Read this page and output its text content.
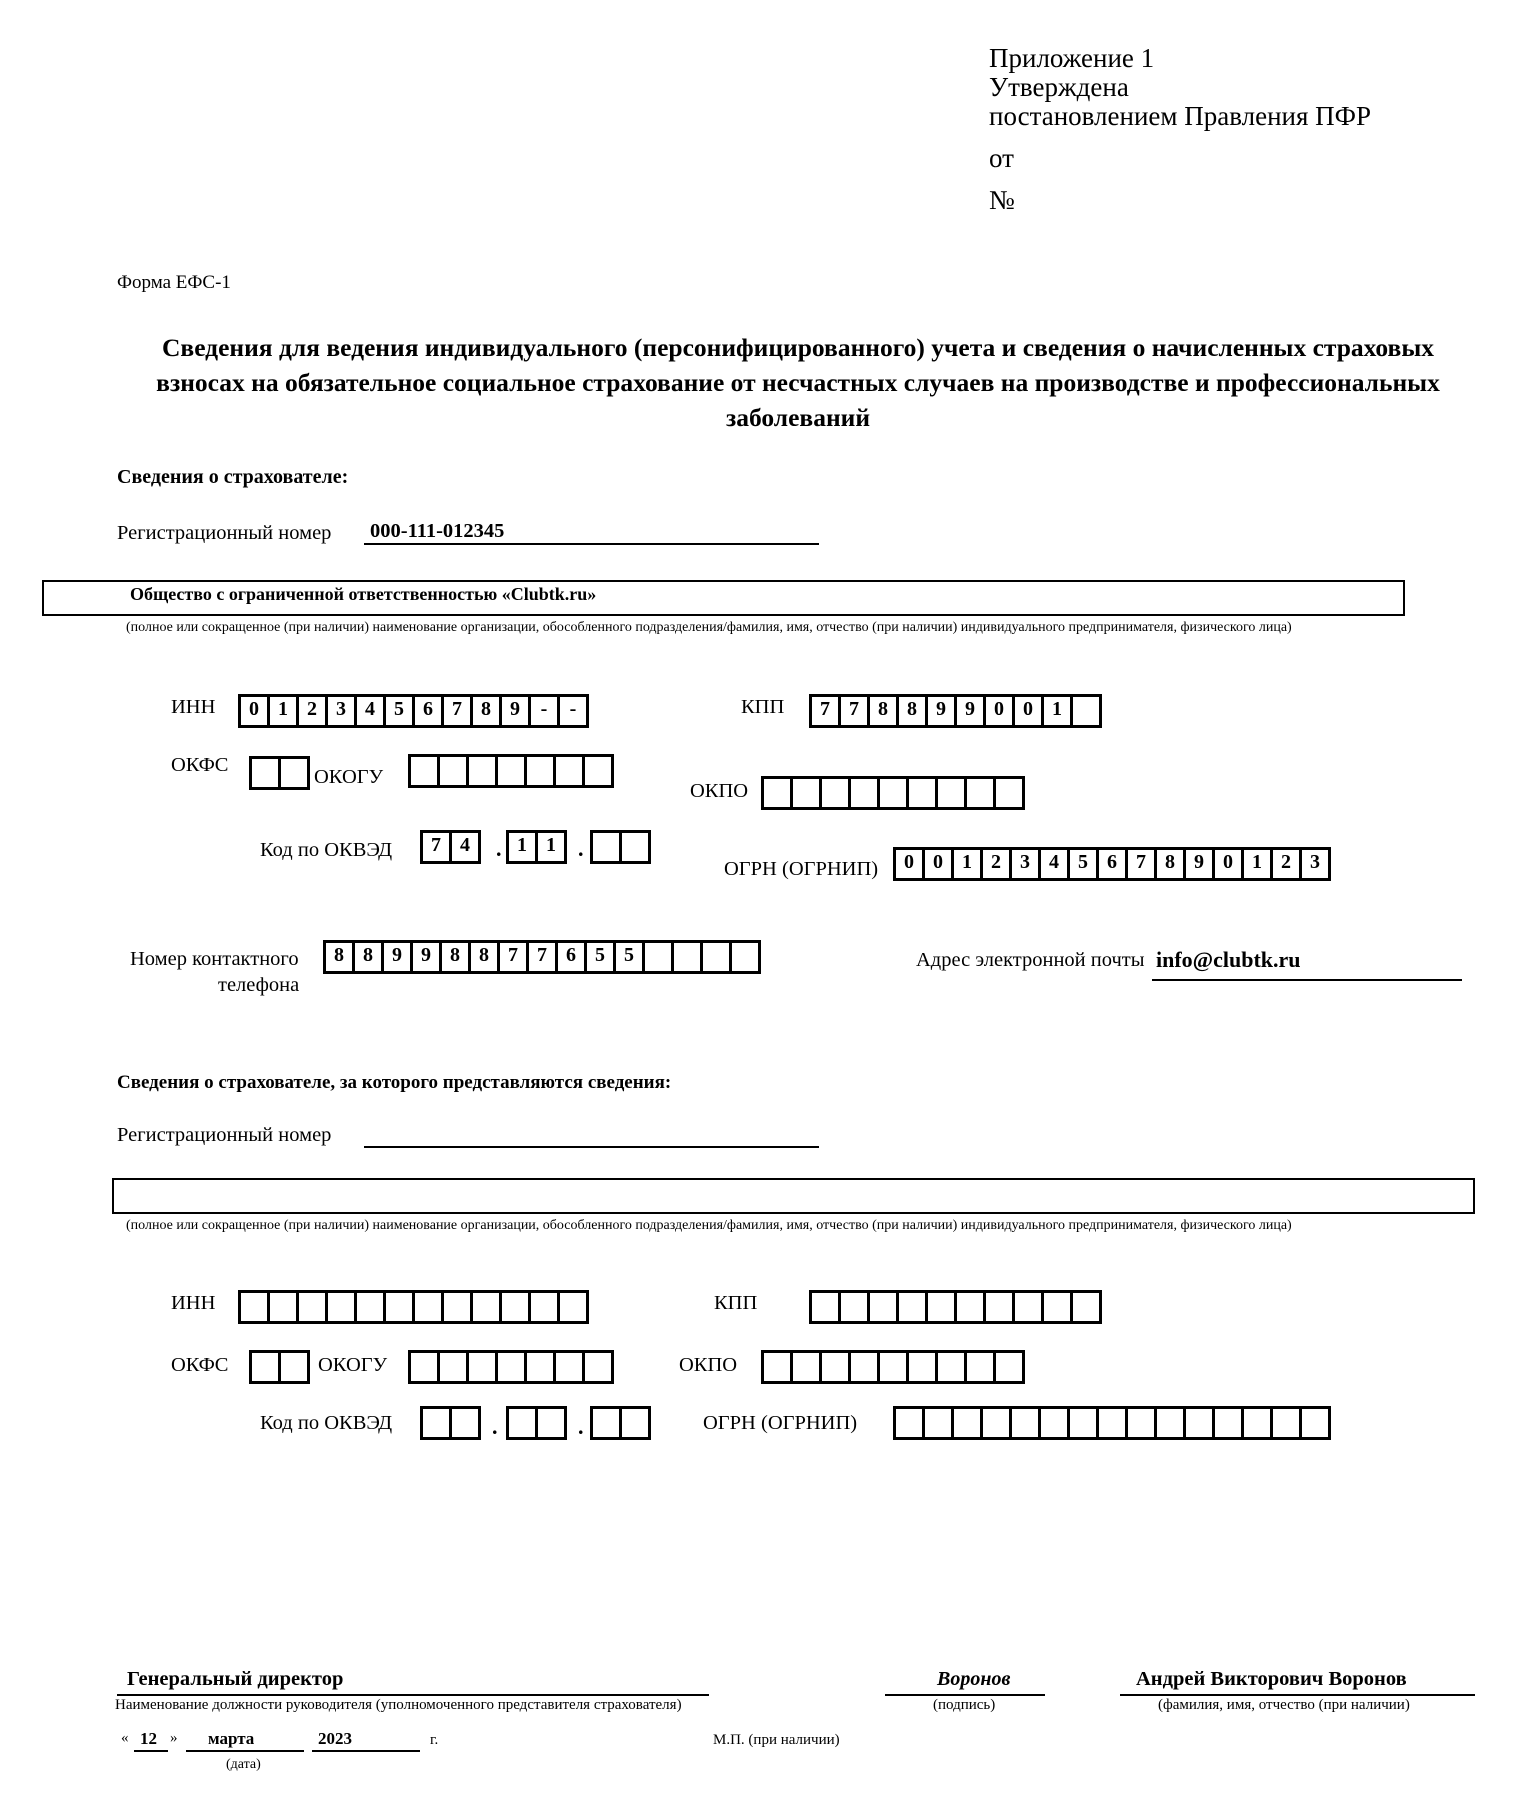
Приложение 1
Утверждена
постановлением Правления ПФР
от
№
Форма ЕФС-1
Сведения для ведения индивидуального (персонифицированного) учета и сведения о начисленных страховых взносах на обязательное социальное страхование от несчастных случаев на производстве и профессиональных заболеваний
Сведения о страхователе:
Регистрационный номер 000-111-012345
Общество с ограниченной ответственностью «Clubtk.ru»
(полное или сокращенное (при наличии) наименование организации, обособленного подразделения/фамилия, имя, отчество (при наличии) индивидуального предпринимателя, физического лица)
ИНН	0 1 2 3 4 5 6 7 8 9	-	-	КПП	7 7 8 8 9 9 0 0 1
ОКФС
ОКОГУ
ОКПО
Код по ОКВЭД	7 4	. 1 1	.
ОГРН (ОГРНИП)	0 0 1 2 3 4 5 6 7 8 9 0 1 2 3
Номер контактного
телефона
8 8 9 9 8 8 7 7 6 5 5	Адрес электронной почты info@clubtk.ru
Сведения о страхователе, за которого представляются сведения:
Регистрационный номер
(полное или сокращенное (при наличии) наименование организации, обособленного подразделения/фамилия, имя, отчество (при наличии) индивидуального предпринимателя, физического лица)
ИНН	КПП
ОКФС	ОКОГУ	ОКПО
Код по ОКВЭД	.	.	ОГРН (ОГРНИП)
Генеральный директор
Наименование должности руководителя (уполномоченного представителя страхователя)
Воронов
(подпись)
Андрей Викторович Воронов
(фамилия, имя, отчество (при наличии)
« 12 » марта	2023	г.
(дата)
М.П. (при наличии)
